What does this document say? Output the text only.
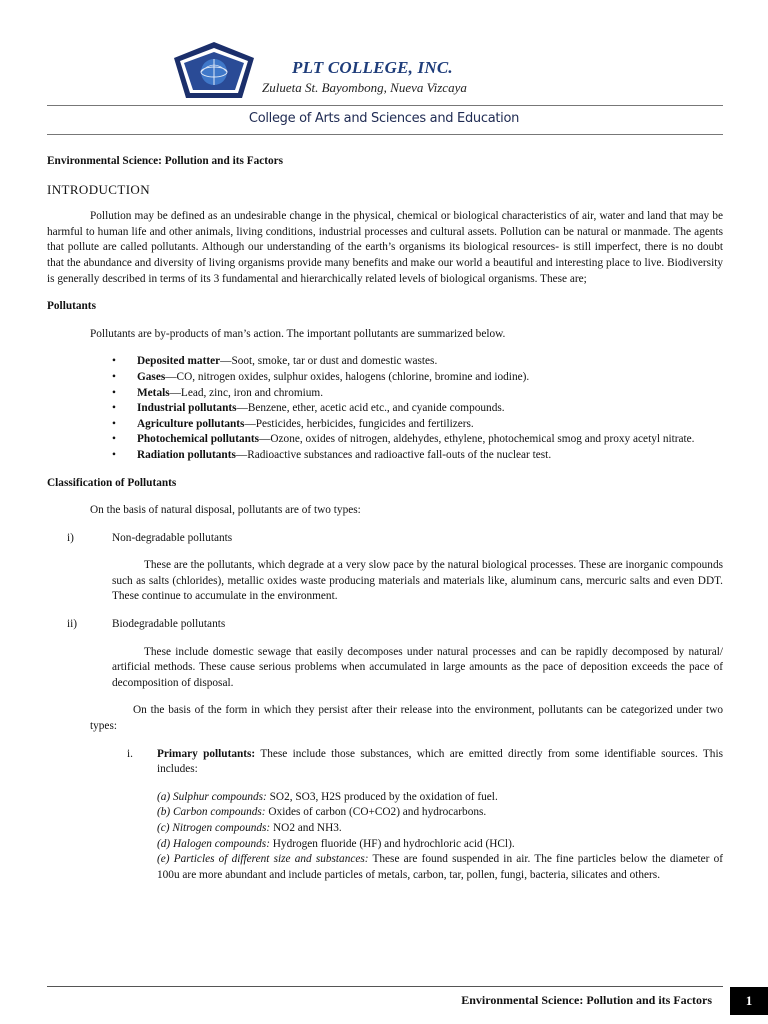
PLT COLLEGE, INC.
Zulueta St. Bayombong, Nueva Vizcaya
College of Arts and Sciences and Education

Environmental Science: Pollution and its Factors

INTRODUCTION

Pollution may be defined as an undesirable change in the physical, chemical or biological characteristics of air, water and land that may be harmful to human life and other animals, living conditions, industrial processes and cultural assets. Pollution can be natural or manmade. The agents that pollute are called pollutants. Although our understanding of the earth’s organisms its biological resources- is still imperfect, there is no doubt that the abundance and diversity of living organisms provide many benefits and make our world a beautiful and interesting place to live. Biodiversity is generally described in terms of its 3 fundamental and hierarchically related levels of biological organisms. These are;

Pollutants

Pollutants are by-products of man’s action. The important pollutants are summarized below.

• Deposited matter—Soot, smoke, tar or dust and domestic wastes.
• Gases—CO, nitrogen oxides, sulphur oxides, halogens (chlorine, bromine and iodine).
• Metals—Lead, zinc, iron and chromium.
• Industrial pollutants—Benzene, ether, acetic acid etc., and cyanide compounds.
• Agriculture pollutants—Pesticides, herbicides, fungicides and fertilizers.
• Photochemical pollutants—Ozone, oxides of nitrogen, aldehydes, ethylene, photochemical smog and proxy acetyl nitrate.
• Radiation pollutants—Radioactive substances and radioactive fall-outs of the nuclear test.

Classification of Pollutants

On the basis of natural disposal, pollutants are of two types:

i)	Non-degradable pollutants

These are the pollutants, which degrade at a very slow pace by the natural biological processes. These are inorganic compounds such as salts (chlorides), metallic oxides waste producing materials and materials like, aluminum cans, mercuric salts and even DDT. These continue to accumulate in the environment.

ii)	Biodegradable pollutants

These include domestic sewage that easily decomposes under natural processes and can be rapidly decomposed by natural/ artificial methods. These cause serious problems when accumulated in large amounts as the pace of deposition exceeds the pace of decomposition of disposal.

On the basis of the form in which they persist after their release into the environment, pollutants can be categorized under two types:

i. Primary pollutants: These include those substances, which are emitted directly from some identifiable sources. This includes:

(a) Sulphur compounds: SO2, SO3, H2S produced by the oxidation of fuel.

(b) Carbon compounds: Oxides of carbon (CO+CO2) and hydrocarbons.

(c) Nitrogen compounds: NO2 and NH3.

(d) Halogen compounds: Hydrogen fluoride (HF) and hydrochloric acid (HCl).

(e) Particles of different size and substances: These are found suspended in air. The fine particles below the diameter of 100u are more abundant and include particles of metals, carbon, tar, pollen, fungi, bacteria, silicates and others.

Environmental Science: Pollution and its Factors	1
